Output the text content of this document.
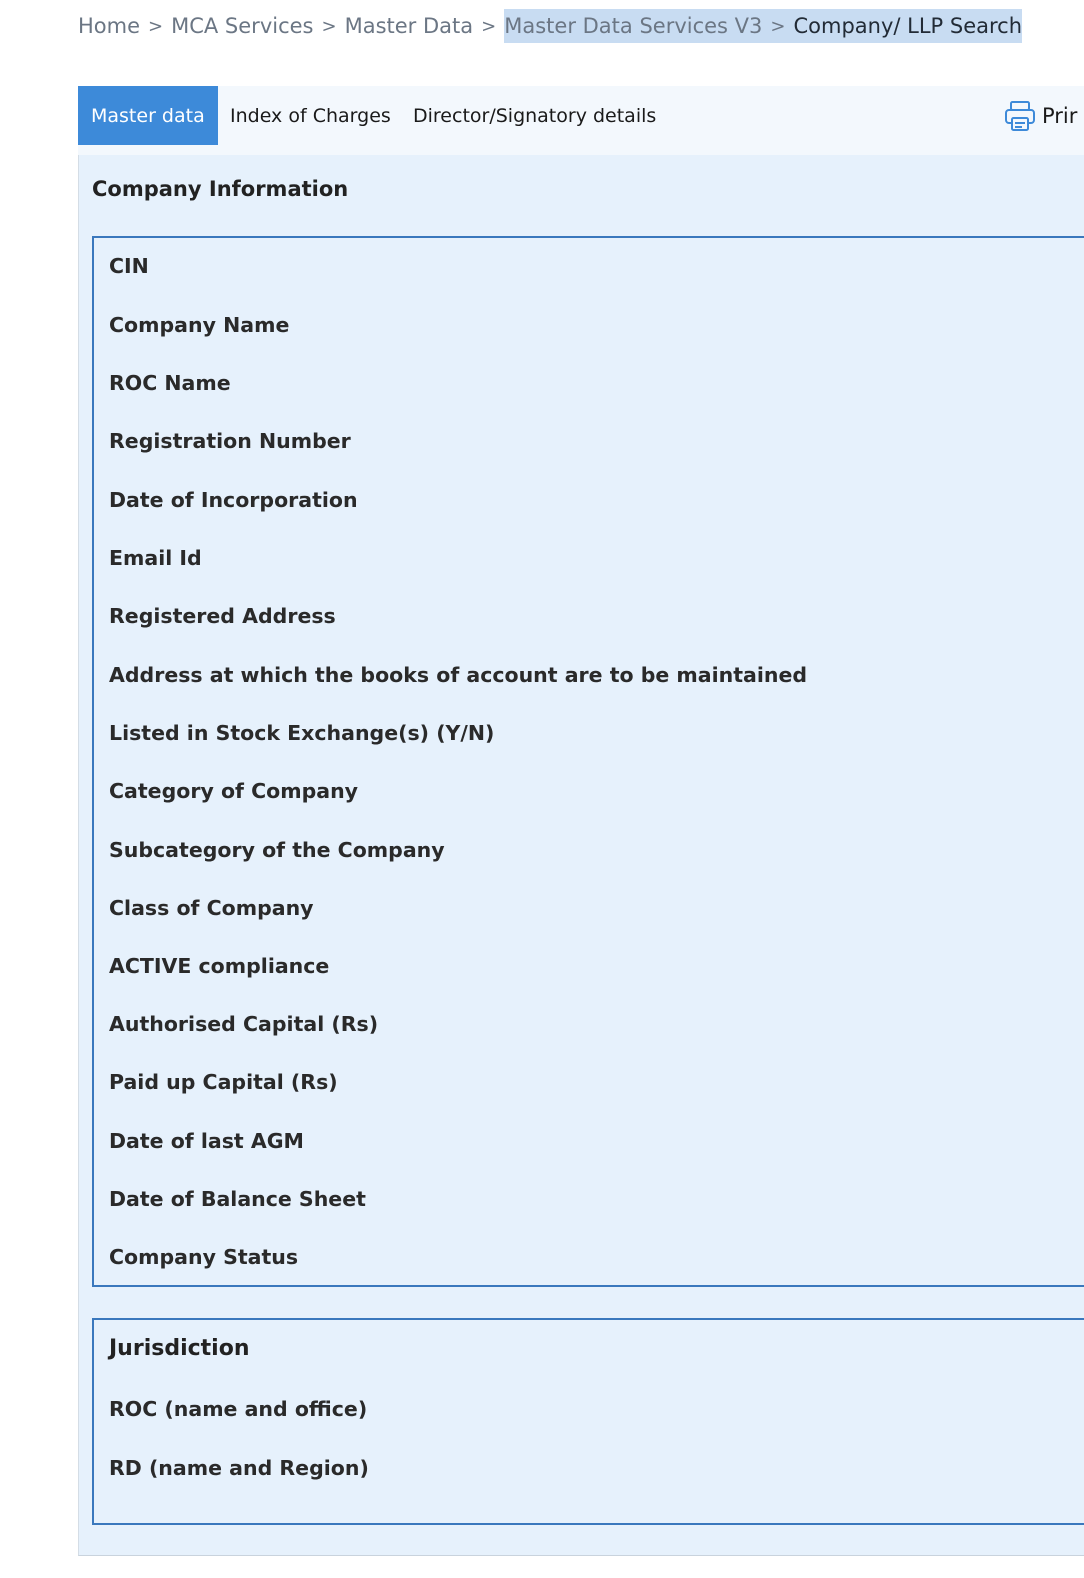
Home > MCA Services > Master Data > Master Data Services V3 > Company/ LLP Search
Master data	Index of Charges Director/Signatory details	Prir
Company Information
CIN
Company Name
ROC Name
Registration Number
Date of Incorporation
Email Id
Registered Address
Address at which the books of account are to be maintained
Listed in Stock Exchange(s) (Y/N)
Category of Company
Subcategory of the Company
Class of Company
ACTIVE compliance
Authorised Capital (Rs)
Paid up Capital (Rs)
Date of last AGM
Date of Balance Sheet
Company Status
Jurisdiction
ROC (name and office)
RD (name and Region)
